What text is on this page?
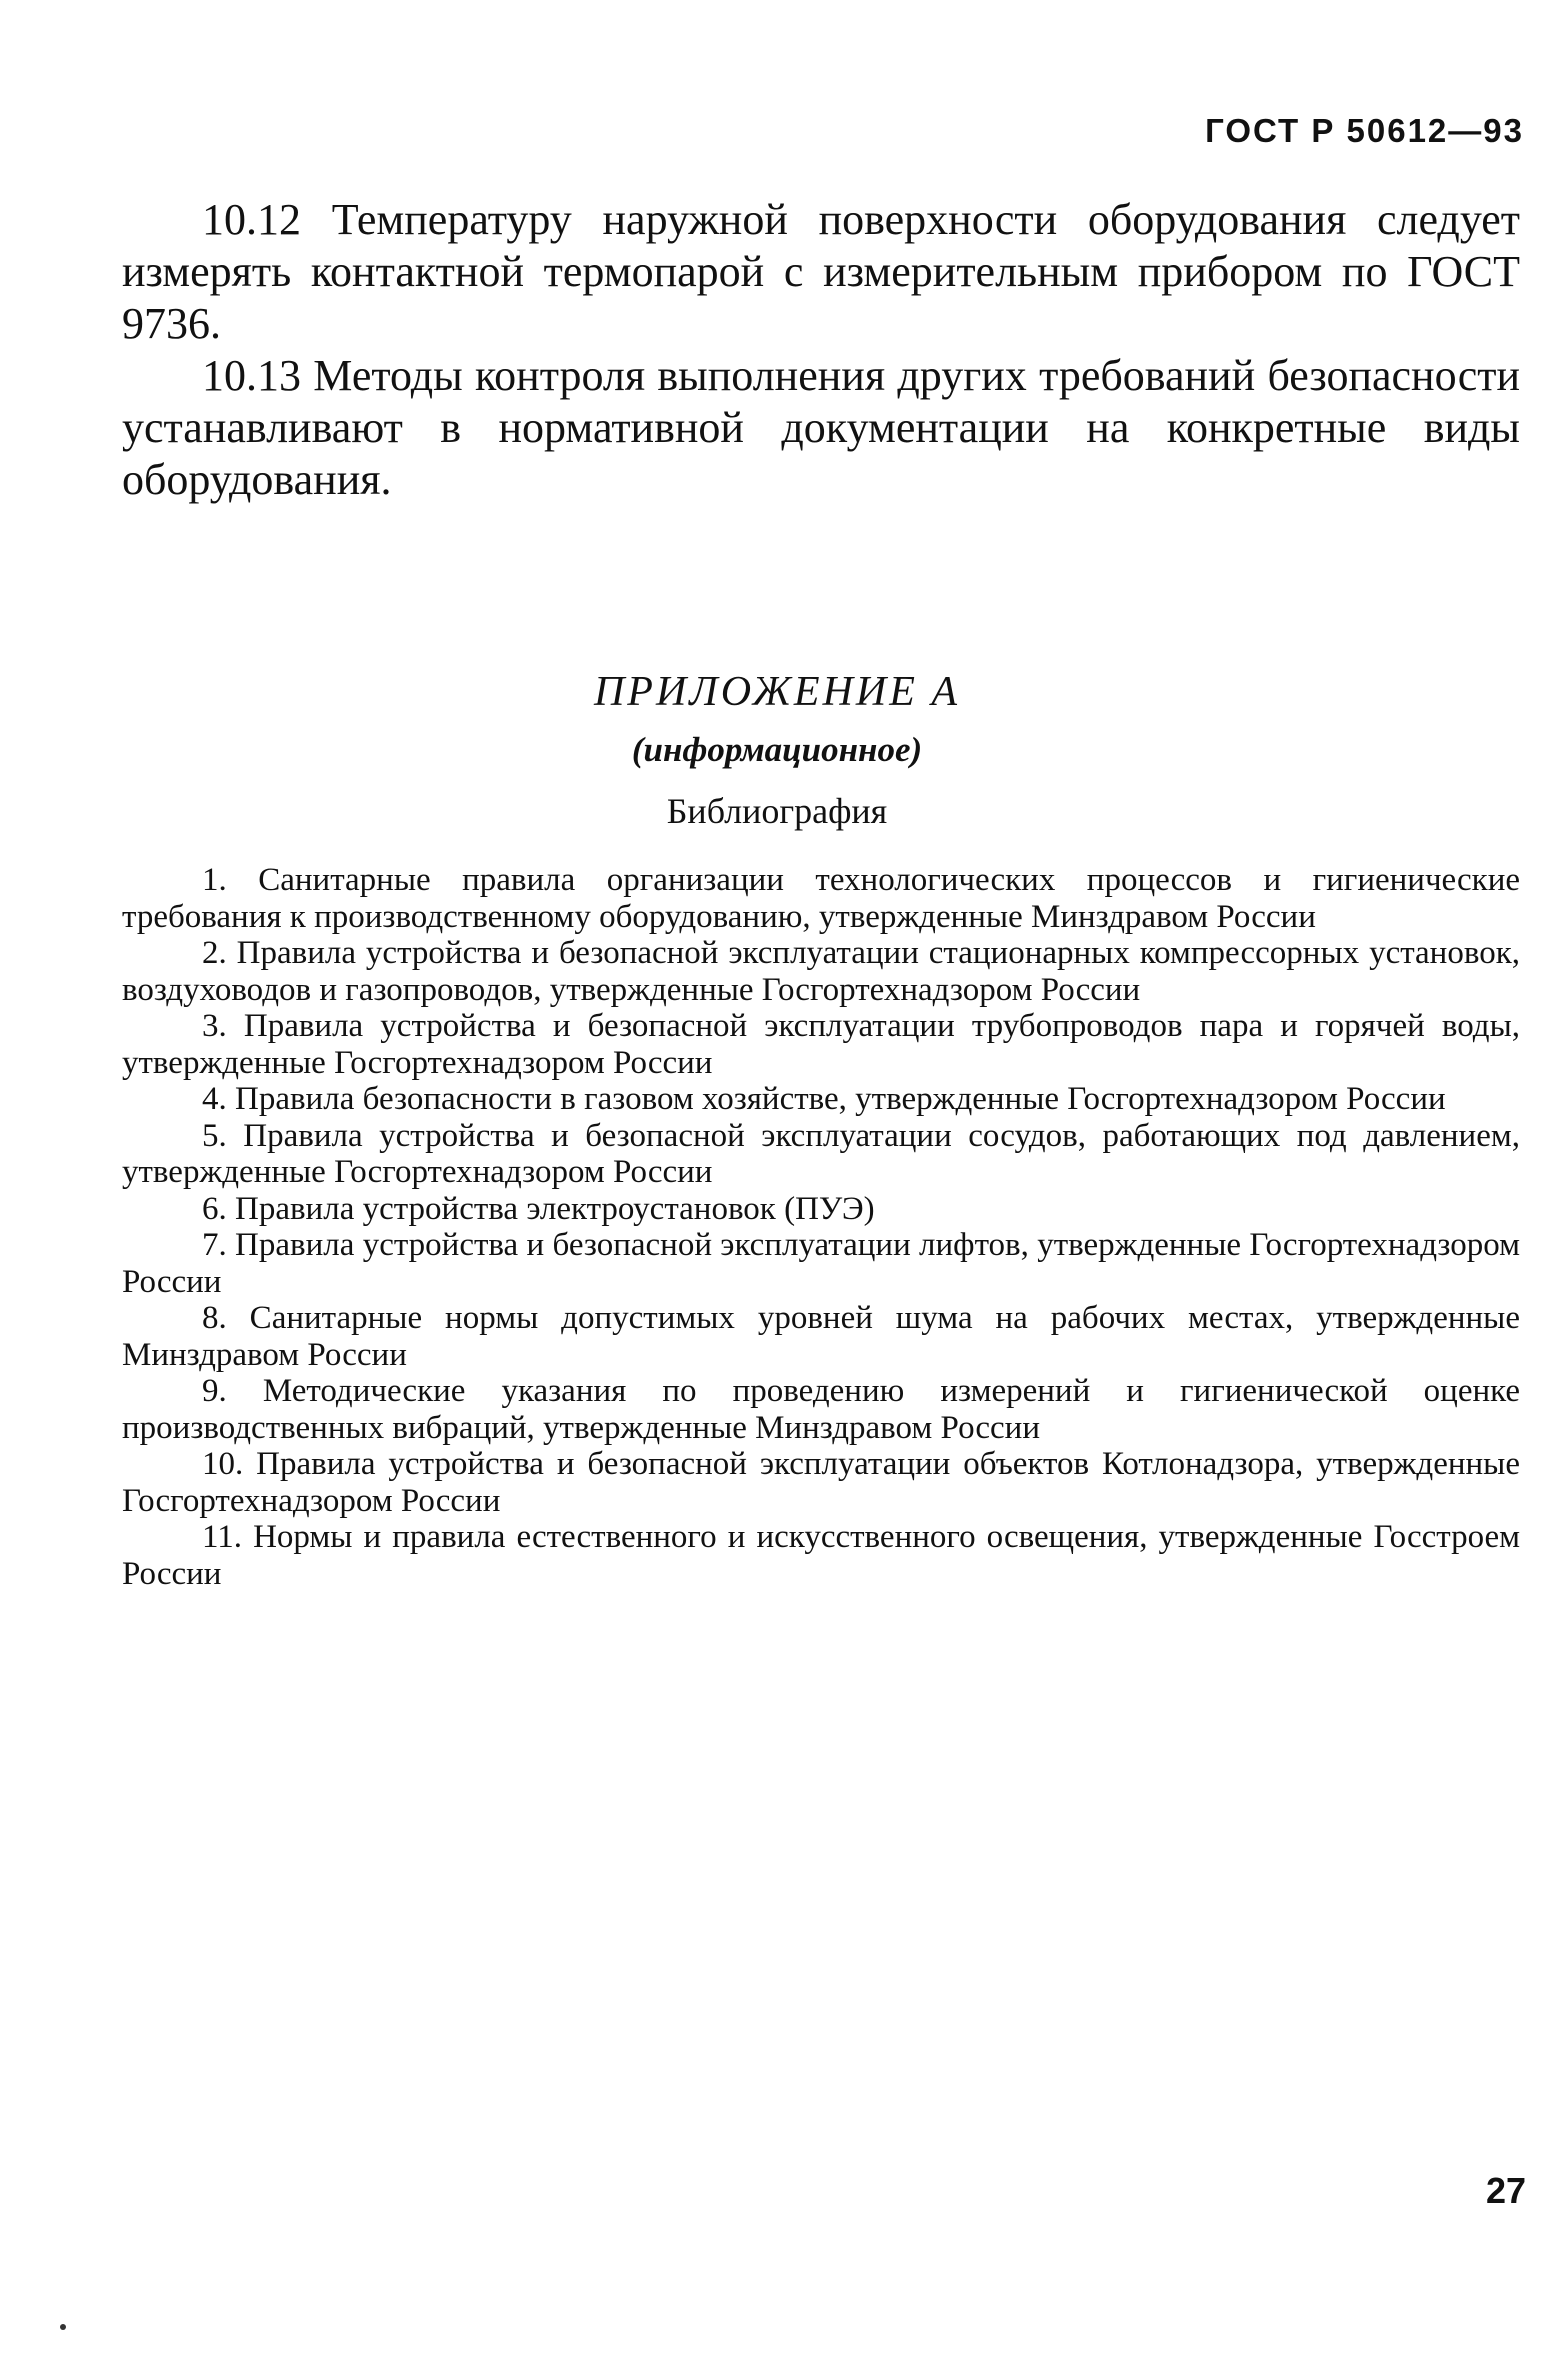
ГОСТ Р 50612—93

10.12 Температуру наружной поверхности оборудования следует измерять контактной термопарой с измерительным прибором по ГОСТ 9736.

10.13 Методы контроля выполнения других требований безопасности устанавливают в нормативной документации на конкретные виды оборудования.

ПРИЛОЖЕНИЕ А
(информационное)
Библиография

1. Санитарные правила организации технологических процессов и гигиенические требования к производственному оборудованию, утвержденные Минздравом России

2. Правила устройства и безопасной эксплуатации стационарных компрессорных установок, воздуховодов и газопроводов, утвержденные Госгортехнадзором России

3. Правила устройства и безопасной эксплуатации трубопроводов пара и горячей воды, утвержденные Госгортехнадзором России

4. Правила безопасности в газовом хозяйстве, утвержденные Госгортехнадзором России

5. Правила устройства и безопасной эксплуатации сосудов, работающих под давлением, утвержденные Госгортехнадзором России

6. Правила устройства электроустановок (ПУЭ)

7. Правила устройства и безопасной эксплуатации лифтов, утвержденные Госгортехнадзором России

8. Санитарные нормы допустимых уровней шума на рабочих местах, утвержденные Минздравом России

9. Методические указания по проведению измерений и гигиенической оценке производственных вибраций, утвержденные Минздравом России

10. Правила устройства и безопасной эксплуатации объектов Котлонадзора, утвержденные Госгортехнадзором России

11. Нормы и правила естественного и искусственного освещения, утвержденные Госстроем России

27
